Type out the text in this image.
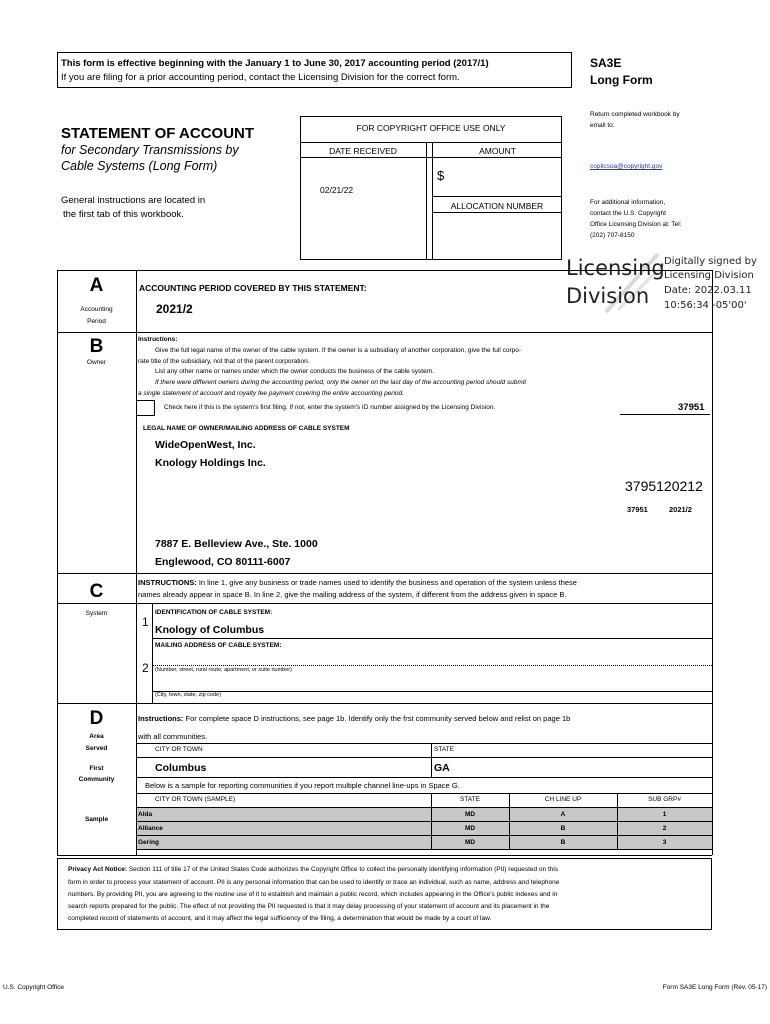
This form is effective beginning with the January 1 to June 30, 2017 accounting period (2017/1)
If you are filing for a prior accounting period, contact the Licensing Division for the correct form.
SA3E
Long Form
STATEMENT OF ACCOUNT
for Secondary Transmissions by
Cable Systems (Long Form)
General instructions are located in
the first tab of this workbook.
FOR COPYRIGHT OFFICE USE ONLY
DATE RECEIVED	AMOUNT
02/21/22
$
ALLOCATION NUMBER
Return completed workbook by
email to:
coplicsoa@copyright.gov
For additional information,
contact the U.S. Copyright
Office Licensing Division at: Tel:
(202) 707-8150
Licensing
Division
Digitally signed by
Licensing Division
Date: 2022.03.11
10:56:34 -05'00'
A
Accounting
Period
ACCOUNTING PERIOD COVERED BY THIS STATEMENT:
2021/2
B
Owner
Instructions:
Give the full legal name of the owner of the cable system. If the owner is a subsidiary of another corporation, give the full corpo-
rate title of the subsidiary, not that of the parent corporation.
List any other name or names under which the owner conducts the business of the cable system.
If there were different owners during the accounting period, only the owner on the last day of the accounting period should submit
a single statement of account and royalty fee payment covering the entire accounting period.
Check here if this is the system's first filing. If not, enter the system's ID number assigned by the Licensing Division.	37951
LEGAL NAME OF OWNER/MAILING ADDRESS OF CABLE SYSTEM
WideOpenWest, Inc.
Knology Holdings Inc.
3795120212
37951	2021/2
7887 E. Belleview Ave., Ste. 1000
Englewood, CO 80111-6007
C
System
INSTRUCTIONS: In line 1, give any business or trade names used to identify the business and operation of the system unless these
names already appear in space B. In line 2, give the mailing address of the system, if different from the address given in space B.
1
IDENTIFICATION OF CABLE SYSTEM:
Knology of Columbus
MAILING ADDRESS OF CABLE SYSTEM:
2 (Number, street, rural route, apartment, or suite number)
(City, town, state, zip code)
D
Area
Served
First
Community
Sample
Instructions: For complete space D instructions, see page 1b. Identify only the frst community served below and relist on page 1b
with all communities.
CITY OR TOWN	STATE
Columbus	GA
Below is a sample for reporting communities if you report multiple channel line-ups in Space G.
CITY OR TOWN (SAMPLE)	STATE	CH LINE UP	SUB GRP#
Alda	MD	A	1
Alliance	MD	B	2
Gering	MD	B	3
Privacy Act Notice: Section 111 of title 17 of the United States Code authorizes the Copyright Office to collect the personally identifying information (PII) requested on this
form in order to process your statement of account. PII is any personal information that can be used to identify or trace an individual, such as name, address and telephone
numbers. By providing PII, you are agreeing to the routine use of it to establish and maintain a public record, which includes appearing in the Office's public indexes and in
search reports prepared for the public. The effect of not providing the PII requested is that it may delay processing of your statement of account and its placement in the
completed record of statements of account, and it may affect the legal sufficiency of the filing, a determination that would be made by a court of law.
U.S. Copyright Office	Form SA3E Long Form (Rev. 05-17)
